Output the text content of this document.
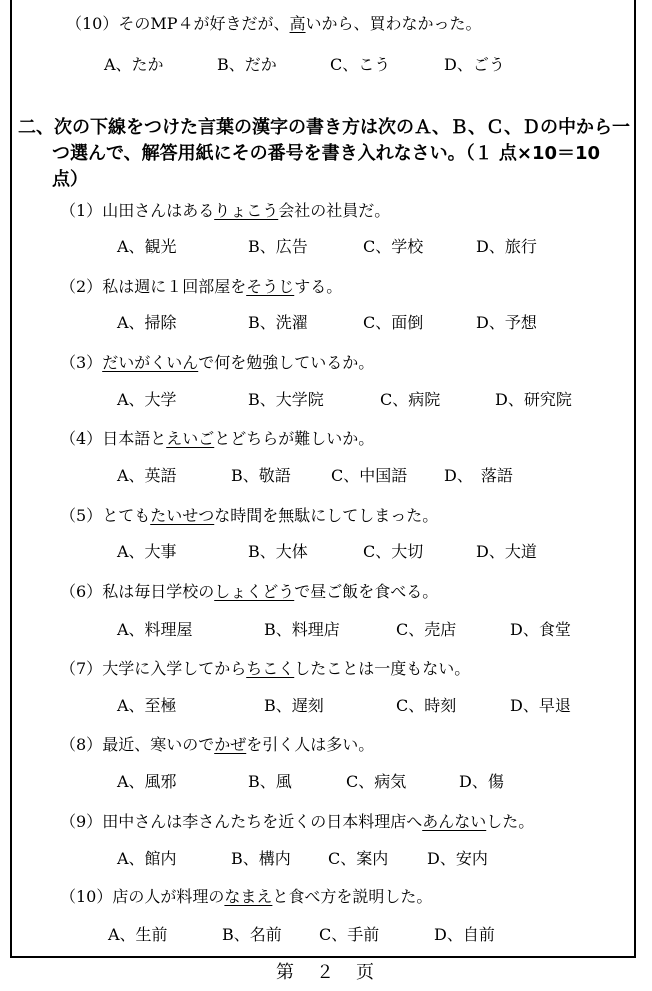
（10）そのMP４が好きだが、高いから、買わなかった。
A、たか	B、だか	C、こう	D、ごう
二、次の下線をつけた言葉の漢字の書き方は次のＡ、Ｂ、Ｃ、Ｄの中から一
つ選んで、解答用紙にその番号を書き入れなさい。（１ 点×10＝10
点）
（1）山田さんはあるりょこう会社の社員だ。
A、観光	B、広告	C、学校	D、旅行
（2）私は週に１回部屋をそうじする。
A、掃除	B、洗濯	C、面倒	D、予想
（3）だいがくいんで何を勉強しているか。
A、大学	B、大学院	C、病院	D、研究院
（4）日本語とえいごとどちらが難しいか。
A、英語	B、敬語	C、中国語 D、　落語
（5）とてもたいせつな時間を無駄にしてしまった。
A、大事	B、大体	C、大切	D、大道
（6）私は毎日学校のしょくどうで昼ご飯を食べる。
A、料理屋	B、料理店	C、売店	D、食堂
（7）大学に入学してからちこくしたことは一度もない。
A、至極	B、遅刻	C、時刻	D、早退
（8）最近、寒いのでかぜを引く人は多い。
A、風邪	B、風	C、病気	D、傷
（9）田中さんは李さんたちを近くの日本料理店へあんないした。
A、館内	B、構内 C、案内 D、安内
（10）店の人が料理のなまえと食べ方を説明した。
A、生前	B、名前 C、手前	D、自前
第　２　页
